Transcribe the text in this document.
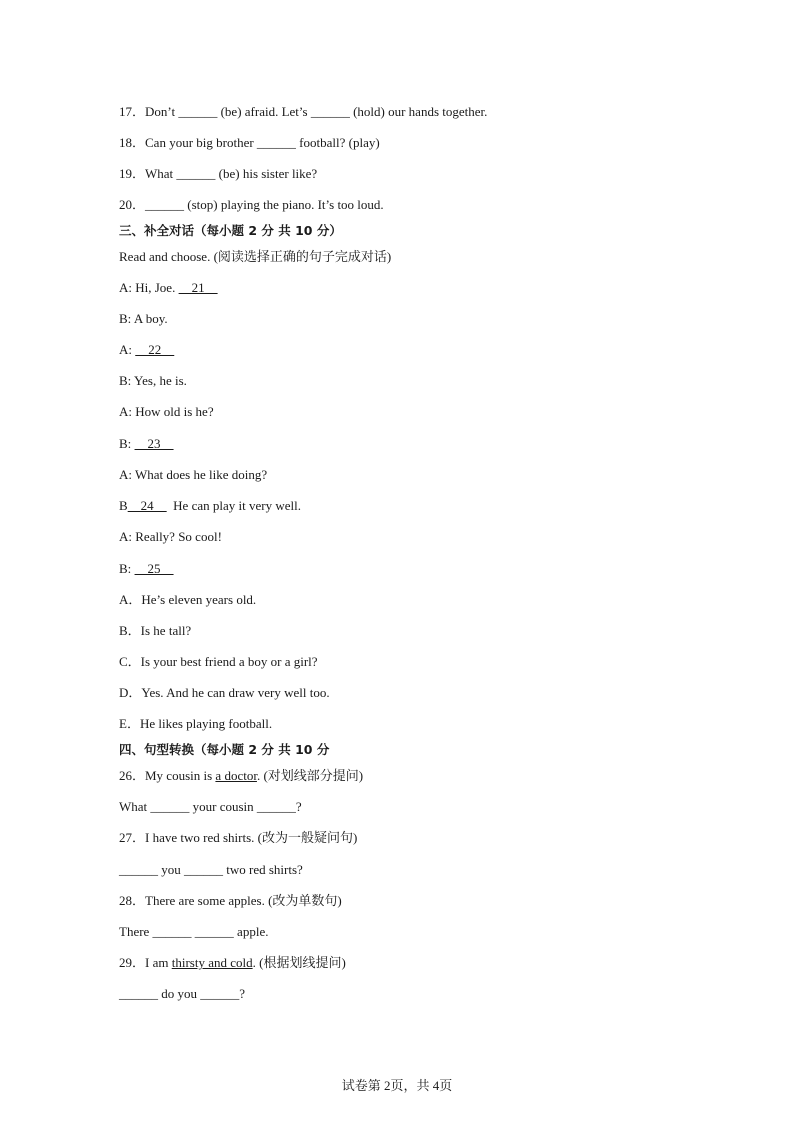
17．Don’t ______ (be) afraid. Let’s ______ (hold) our hands together.
18．Can your big brother ______ football? (play)
19．What ______ (be) his sister like?
20．______ (stop) playing the piano. It’s too loud.
三、补全对话（每小题 2 分 共 10 分）
Read and choose. (阅读选择正确的句子完成对话)
A: Hi, Joe.     21
B: A boy.
A:     22
B: Yes, he is.
A: How old is he?
B:     23
A: What does he like doing?
B    24      He can play it very well.
A: Really? So cool!
B:     25
A．He’s eleven years old.
B．Is he tall?
C．Is your best friend a boy or a girl?
D．Yes. And he can draw very well too.
E．He likes playing football.
四、句型转换（每小题 2 分 共 10 分
26．My cousin is a doctor. (对划线部分提问)
What ______ your cousin ______?
27．I have two red shirts. (改为一般疑问句)
______ you ______ two red shirts?
28．There are some apples. (改为单数句)
There ______ ______ apple.
29．I am thirsty and cold. (根据划线提问)
______ do you ______?
试卷第 2页，共 4页
